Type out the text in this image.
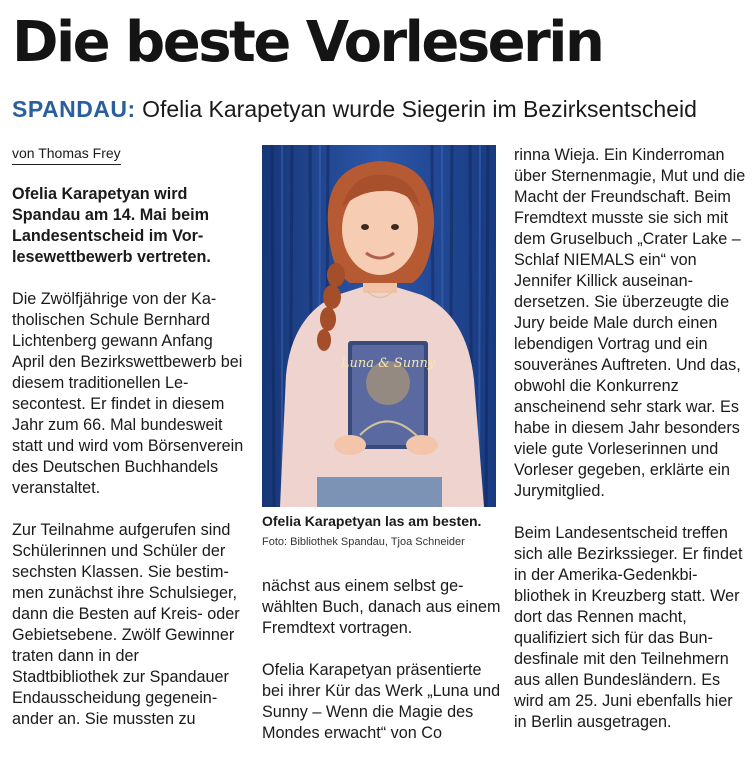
Die beste Vorleserin
SPANDAU: Ofelia Karapetyan wurde Siegerin im Bezirksentscheid
von Thomas Frey

Ofelia Karapetyan wird Spandau am 14. Mai beim Landesentscheid im Vorlesewettbewerb vertreten.

Die Zwölfjährige von der Katholischen Schule Bernhard Lichtenberg gewann Anfang April den Bezirkswettbewerb bei diesem traditionellen Lesecontest. Er findet in diesem Jahr zum 66. Mal bundesweit statt und wird vom Börsenverein des Deutschen Buchhandels veranstaltet.

Zur Teilnahme aufgerufen sind Schülerinnen und Schüler der sechsten Klassen. Sie bestimmen zunächst ihre Schulsieger, dann die Besten auf Kreis- oder Gebietsebene. Zwölf Gewinner traten dann in der Stadtbibliothek zur Spandauer Endausscheidung gegeneinander an. Sie mussten zu

Luna & Sunny
Ofelia Karapetyan las am besten.
Foto: Bibliothek Spandau, Tjoa Schneider

nächst aus einem selbst gewählten Buch, danach aus einem Fremdtext vortragen.

Ofelia Karapetyan präsentierte bei ihrer Kür das Werk „Luna und Sunny – Wenn die Magie des Mondes erwacht“ von Co

rinna Wieja. Ein Kinderroman über Sternenmagie, Mut und die Macht der Freundschaft. Beim Fremdtext musste sie sich mit dem Gruselbuch „Crater Lake – Schlaf NIEMALS ein“ von Jennifer Killick auseinandersetzen. Sie überzeugte die Jury beide Male durch einen lebendigen Vortrag und ein souveränes Auftreten. Und das, obwohl die Konkurrenz anscheinend sehr stark war. Es habe in diesem Jahr besonders viele gute Vorleserinnen und Vorleser gegeben, erklärte ein Jurymitglied.

Beim Landesentscheid treffen sich alle Bezirkssieger. Er findet in der Amerika-Gedenkbibliothek in Kreuzberg statt. Wer dort das Rennen macht, qualifiziert sich für das Bundesfinale mit den Teilnehmern aus allen Bundesländern. Es wird am 25. Juni ebenfalls hier in Berlin ausgetragen.
